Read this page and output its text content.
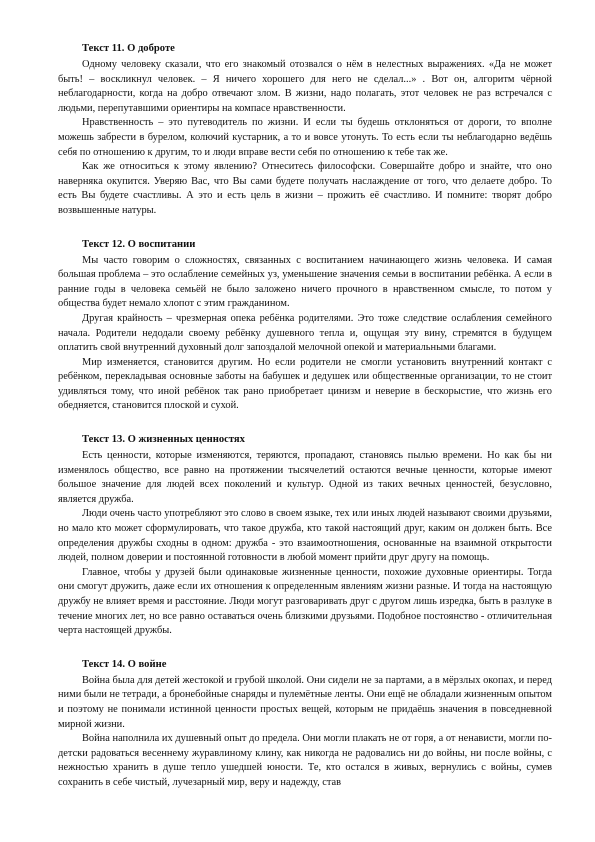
Текст 11. О доброте

Одному человеку сказали, что его знакомый отозвался о нём в нелестных выражениях. «Да не может быть! – воскликнул человек. – Я ничего хорошего для него не сделал...» . Вот он, алгоритм чёрной неблагодарности, когда на добро отвечают злом. В жизни, надо полагать, этот человек не раз встречался с людьми, перепутавшими ориентиры на компасе нравственности.

Нравственность – это путеводитель по жизни. И если ты будешь отклоняться от дороги, то вполне можешь забрести в бурелом, колючий кустарник, а то и вовсе утонуть. То есть если ты неблагодарно ведёшь себя по отношению к другим, то и люди вправе вести себя по отношению к тебе так же.

Как же относиться к этому явлению? Отнеситесь философски. Совершайте добро и знайте, что оно навернякa окупится. Уверяю Вас, что Вы сами будете получать наслаждение от того, что делаете добро. То есть Вы будете счастливы. А это и есть цель в жизни – прожить её счастливо. И помните: творят добро возвышенные натуры.

Текст 12. О воспитании

Мы часто говорим о сложностях, связанных с воспитанием начинающего жизнь человека. И самая большая проблема – это ослабление семейных уз, уменьшение значения семьи в воспитании ребёнка. А если в ранние годы в человека семьёй не было заложено ничего прочного в нравственном смысле, то потом у общества будет немало хлопот с этим гражданином.

Другая крайность – чрезмерная опека ребёнка родителями. Это тоже следствие ослабления семейного начала. Родители недодали своему ребёнку душевного тепла и, ощущая эту вину, стремятся в будущем оплатить свой внутренний духовный долг запоздалой мелочной опекой и материальными благами.

Мир изменяется, становится другим. Но если родители не смогли установить внутренний контакт с ребёнком, перекладывая основные заботы на бабушек и дедушек или общественные организации, то не стоит удивляться тому, что иной ребёнок так рано приобретает цинизм и неверие в бескорыстие, что жизнь его обедняется, становится плоской и сухой.

Текст 13. О жизненных ценностях

Есть ценности, которые изменяются, теряются, пропадают, становясь пылью времени. Но как бы ни изменялось общество, все равно на протяжении тысячелетий остаются вечные ценности, которые имеют большое значение для людей всех поколений и культур. Одной из таких вечных ценностей, безусловно, является дружба.

Люди очень часто употребляют это слово в своем языке, тех или иных людей называют своими друзьями, но мало кто может сформулировать, что такое дружба, кто такой настоящий друг, каким он должен быть. Все определения дружбы сходны в одном: дружба - это взаимоотношения, основанные на взаимной открытости людей, полном доверии и постоянной готовности в любой момент прийти друг другу на помощь.

Главное, чтобы у друзей были одинаковые жизненные ценности, похожие духовные ориентиры. Тогда они смогут дружить, даже если их отношения к определенным явлениям жизни разные. И тогда на настоящую дружбу не влияет время и расстояние. Люди могут разговаривать друг с другом лишь изредка, быть в разлуке в течение многих лет, но все равно оставаться очень близкими друзьями. Подобное постоянство - отличительная черта настоящей дружбы.

Текст 14. О войне

Война была для детей жестокой и грубой школой. Они сидели не за партами, а в мёрзлых окопах, и перед ними были не тетради, а бронебойные снаряды и пулемётные ленты. Они ещё не обладали жизненным опытом и поэтому не понимали истинной ценности простых вещей, которым не придаёшь значения в повседневной мирной жизни.

Война наполнила их душевный опыт до предела. Они могли плакать не от горя, а от ненависти, могли по-детски радоваться весеннему журавлиному клину, как никогда не радовались ни до войны, ни после войны, с нежностью хранить в душе тепло ушедшей юности. Те, кто остался в живых, вернулись с войны, сумев сохранить в себе чистый, лучезарный мир, веру и надежду, став
